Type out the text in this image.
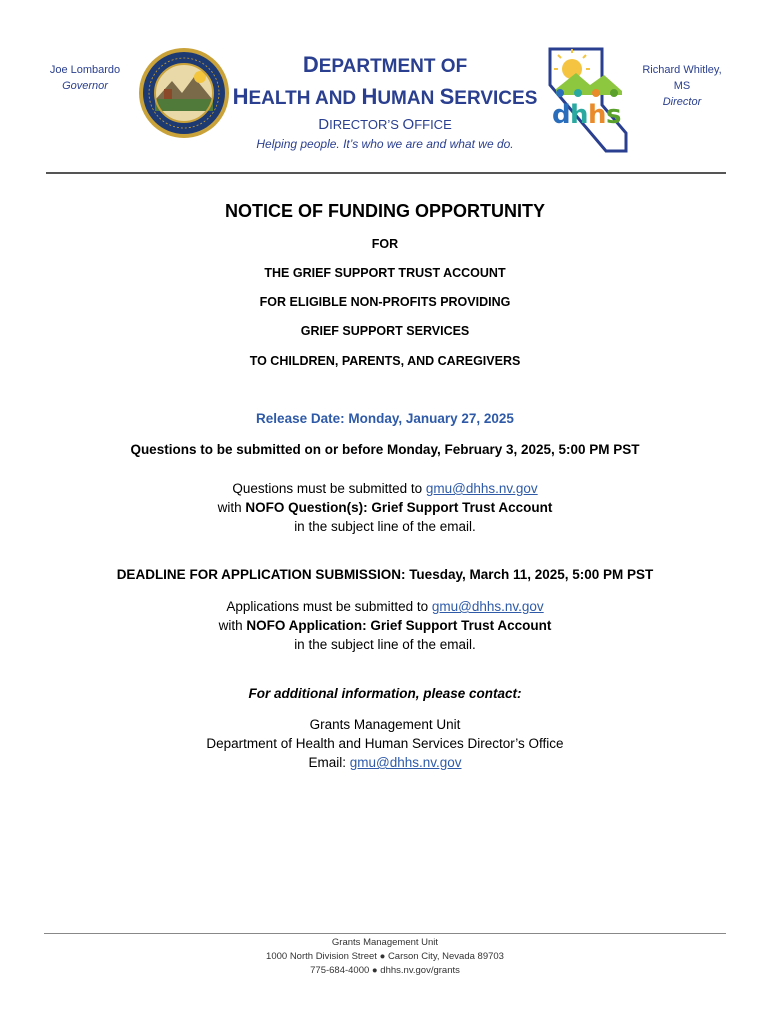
Joe Lombardo
Governor
DEPARTMENT OF
HEALTH AND HUMAN SERVICES
DIRECTOR’S OFFICE
Helping people. It’s who we are and what we do.
d h h s
Richard Whitley,
MS
Director
NOTICE OF FUNDING OPPORTUNITY
FOR
THE GRIEF SUPPORT TRUST ACCOUNT
FOR ELIGIBLE NON-PROFITS PROVIDING
GRIEF SUPPORT SERVICES
TO CHILDREN, PARENTS, AND CAREGIVERS
Release Date: Monday, January 27, 2025
Questions to be submitted on or before Monday, February 3, 2025, 5:00 PM PST
Questions must be submitted to gmu@dhhs.nv.gov
with NOFO Question(s): Grief Support Trust Account
in the subject line of the email.
DEADLINE FOR APPLICATION SUBMISSION: Tuesday, March 11, 2025, 5:00 PM PST
Applications must be submitted to gmu@dhhs.nv.gov
with NOFO Application: Grief Support Trust Account
in the subject line of the email.
For additional information, please contact:
Grants Management Unit
Department of Health and Human Services Director’s Office
Email: gmu@dhhs.nv.gov
Grants Management Unit
1000 North Division Street ● Carson City, Nevada 89703
775-684-4000 ● dhhs.nv.gov/grants
